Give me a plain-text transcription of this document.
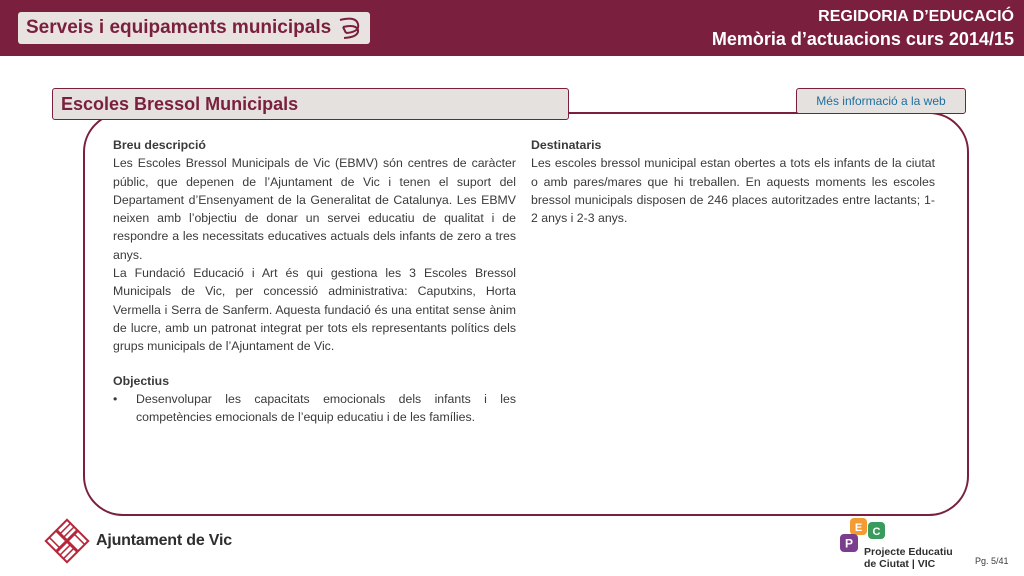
Serveis i equipaments municipals
REGIDORIA D’EDUCACIÓ
Memòria d’actuacions curs 2014/15
Escoles Bressol Municipals	Més informació a la web
Breu descripció

Les Escoles Bressol Municipals de Vic (EBMV) són centres de caràcter públic, que depenen de l’Ajuntament de Vic i tenen el suport del Departament d’Ensenyament de la Generalitat de Catalunya. Les EBMV neixen amb l’objectiu de donar un servei educatiu de qualitat i de respondre a les necessitats educatives actuals dels infants de zero a tres anys.

La Fundació Educació i Art és qui gestiona les 3 Escoles Bressol Municipals de Vic, per concessió administrativa: Caputxins, Horta Vermella i Serra de Sanferm. Aquesta fundació és una entitat sense ànim de lucre, amb un patronat integrat per tots els representants polítics dels grups municipals de l’Ajuntament de Vic.

Objectius
•	Desenvolupar les capacitats emocionals dels infants i les competències emocionals de l’equip educatiu i de les famílies.
Destinataris

Les escoles bressol municipal estan obertes a tots els infants de la ciutat o amb pares/mares que hi treballen. En aquests moments les escoles bressol municipals disposen de 246 places autoritzades entre lactants; 1-2 anys i 2-3 anys.

Ajuntament de Vic
E C
P
Projecte Educatiu
de Ciutat | VIC	Pg. 5/41
